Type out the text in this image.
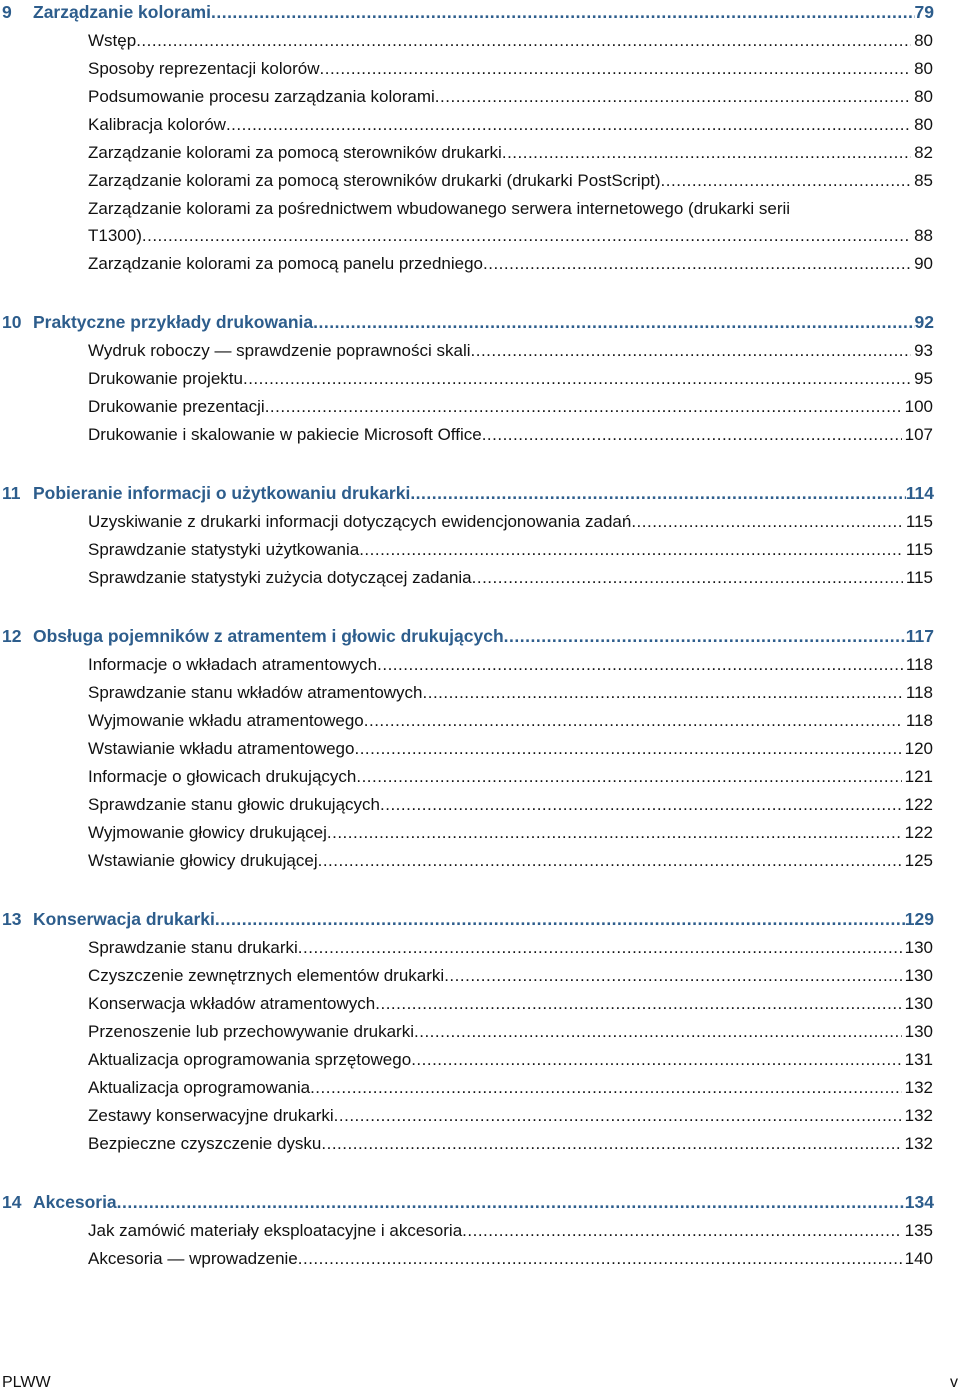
9	Zarządzanie kolorami .....	79
Wstęp .....	80
Sposoby reprezentacji kolorów .....	80
Podsumowanie procesu zarządzania kolorami .....	80
Kalibracja kolorów .....	80
Zarządzanie kolorami za pomocą sterowników drukarki .....	82
Zarządzanie kolorami za pomocą sterowników drukarki (drukarki PostScript) .....	85
Zarządzanie kolorami za pośrednictwem wbudowanego serwera internetowego (drukarki serii
T1300) .....	88
Zarządzanie kolorami za pomocą panelu przedniego .....	90
10 Praktyczne przykłady drukowania .....	92
Wydruk roboczy — sprawdzenie poprawności skali .....	93
Drukowanie projektu .....	95
Drukowanie prezentacji .....	100
Drukowanie i skalowanie w pakiecie Microsoft Office .....	107
11 Pobieranie informacji o użytkowaniu drukarki .....	114
Uzyskiwanie z drukarki informacji dotyczących ewidencjonowania zadań .....	115
Sprawdzanie statystyki użytkowania .....	115
Sprawdzanie statystyki zużycia dotyczącej zadania .....	115
12 Obsługa pojemników z atramentem i głowic drukujących .....	117
Informacje o wkładach atramentowych .....	118
Sprawdzanie stanu wkładów atramentowych .....	118
Wyjmowanie wkładu atramentowego .....	118
Wstawianie wkładu atramentowego .....	120
Informacje o głowicach drukujących .....	121
Sprawdzanie stanu głowic drukujących .....	122
Wyjmowanie głowicy drukującej .....	122
Wstawianie głowicy drukującej .....	125
13 Konserwacja drukarki .....	129
Sprawdzanie stanu drukarki .....	130
Czyszczenie zewnętrznych elementów drukarki .....	130
Konserwacja wkładów atramentowych .....	130
Przenoszenie lub przechowywanie drukarki .....	130
Aktualizacja oprogramowania sprzętowego .....	131
Aktualizacja oprogramowania .....	132
Zestawy konserwacyjne drukarki .....	132
Bezpieczne czyszczenie dysku .....	132
14 Akcesoria .....	134
Jak zamówić materiały eksploatacyjne i akcesoria .....	135
Akcesoria — wprowadzenie .....	140
PLWW	v
